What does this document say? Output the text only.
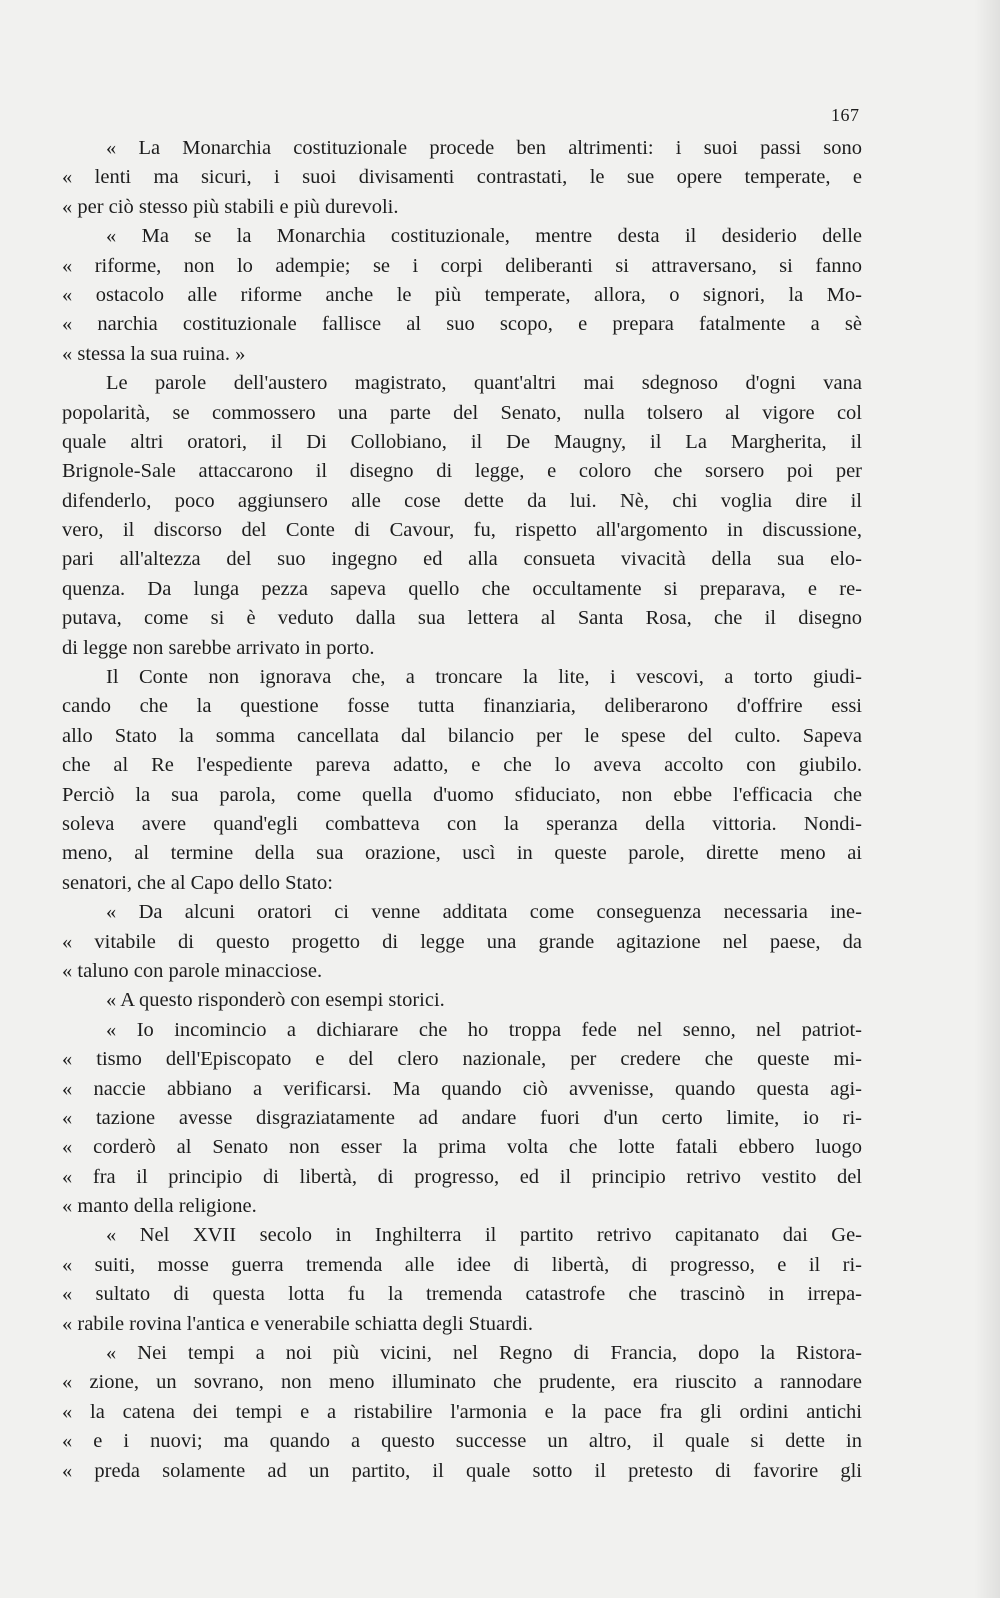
167
« La Monarchia costituzionale procede ben altrimenti: i suoi passi sono
« lenti ma sicuri, i suoi divisamenti contrastati, le sue opere temperate, e
« per ciò stesso più stabili e più durevoli.
« Ma se la Monarchia costituzionale, mentre desta il desiderio delle
« riforme, non lo adempie; se i corpi deliberanti si attraversano, si fanno
« ostacolo alle riforme anche le più temperate, allora, o signori, la Mo-
« narchia costituzionale fallisce al suo scopo, e prepara fatalmente a sè
« stessa la sua ruina. »
Le parole dell'austero magistrato, quant'altri mai sdegnoso d'ogni vana
popolarità, se commossero una parte del Senato, nulla tolsero al vigore col
quale altri oratori, il Di Collobiano, il De Maugny, il La Margherita, il
Brignole-Sale attaccarono il disegno di legge, e coloro che sorsero poi per
difenderlo, poco aggiunsero alle cose dette da lui. Nè, chi voglia dire il
vero, il discorso del Conte di Cavour, fu, rispetto all'argomento in discussione,
pari all'altezza del suo ingegno ed alla consueta vivacità della sua elo-
quenza. Da lunga pezza sapeva quello che occultamente si preparava, e re-
putava, come si è veduto dalla sua lettera al Santa Rosa, che il disegno
di legge non sarebbe arrivato in porto.
Il Conte non ignorava che, a troncare la lite, i vescovi, a torto giudi-
cando che la questione fosse tutta finanziaria, deliberarono d'offrire essi
allo Stato la somma cancellata dal bilancio per le spese del culto. Sapeva
che al Re l'espediente pareva adatto, e che lo aveva accolto con giubilo.
Perciò la sua parola, come quella d'uomo sfiduciato, non ebbe l'efficacia che
soleva avere quand'egli combatteva con la speranza della vittoria. Nondi-
meno, al termine della sua orazione, uscì in queste parole, dirette meno ai
senatori, che al Capo dello Stato:
« Da alcuni oratori ci venne additata come conseguenza necessaria ine-
« vitabile di questo progetto di legge una grande agitazione nel paese, da
« taluno con parole minacciose.
« A questo risponderò con esempi storici.
« Io incomincio a dichiarare che ho troppa fede nel senno, nel patriot-
« tismo dell'Episcopato e del clero nazionale, per credere che queste mi-
« naccie abbiano a verificarsi. Ma quando ciò avvenisse, quando questa agi-
« tazione avesse disgraziatamente ad andare fuori d'un certo limite, io ri-
« corderò al Senato non esser la prima volta che lotte fatali ebbero luogo
« fra il principio di libertà, di progresso, ed il principio retrivo vestito del
« manto della religione.
« Nel XVII secolo in Inghilterra il partito retrivo capitanato dai Ge-
« suiti, mosse guerra tremenda alle idee di libertà, di progresso, e il ri-
« sultato di questa lotta fu la tremenda catastrofe che trascinò in irrepa-
« rabile rovina l'antica e venerabile schiatta degli Stuardi.
« Nei tempi a noi più vicini, nel Regno di Francia, dopo la Ristora-
« zione, un sovrano, non meno illuminato che prudente, era riuscito a rannodare
« la catena dei tempi e a ristabilire l'armonia e la pace fra gli ordini antichi
« e i nuovi; ma quando a questo successe un altro, il quale si dette in
« preda solamente ad un partito, il quale sotto il pretesto di favorire gli
